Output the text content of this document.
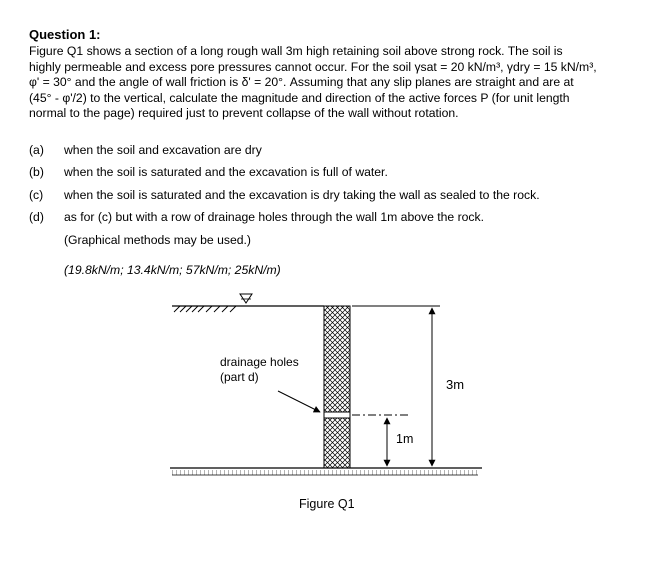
Question 1:
Figure Q1 shows a section of a long rough wall 3m high retaining soil above strong rock. The soil is
highly permeable and excess pore pressures cannot occur. For the soil γsat = 20 kN/m³, γdry = 15 kN/m³,
φ' = 30° and the angle of wall friction is δ' = 20°. Assuming that any slip planes are straight and are at
(45° - φ'/2) to the vertical, calculate the magnitude and direction of the active forces P (for unit length
normal to the page) required just to prevent collapse of the wall without rotation.
(a) when the soil and excavation are dry
(b) when the soil is saturated and the excavation is full of water.
(c) when the soil is saturated and the excavation is dry taking the wall as sealed to the rock.
(d) as for (c) but with a row of drainage holes through the wall 1m above the rock.
(Graphical methods may be used.)
(19.8kN/m; 13.4kN/m; 57kN/m; 25kN/m)
drainage holes
(part d)	3m
1m
Figure Q1
